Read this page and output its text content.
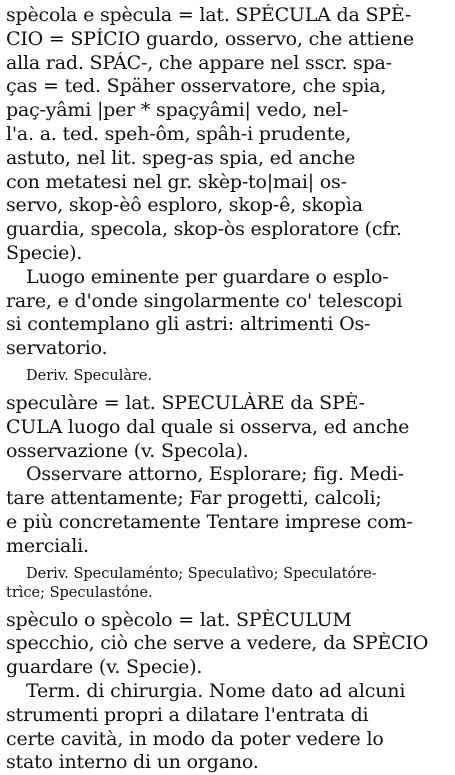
spècola e spècula = lat. SPÉCULA da SPÈ-
CIO = SPÍCIO guardo, osservo, che attiene
alla rad. SPÁC-, che appare nel sscr. spa-
ças = ted. Späher osservatore, che spia,
paç-yâmi |per * spaçyâmi| vedo, nel-
l'a. a. ted. speh-ôm, spâh-i prudente,
astuto, nel lit. speg-as spia, ed anche
con metatesi nel gr. skèp-to|mai| os-
servo, skop-èô esploro, skop-ê, skopìa
guardia, specola, skop-òs esploratore (cfr.
Specie).
Luogo eminente per guardare o esplo-
rare, e d'onde singolarmente co' telescopi
si contemplano gli astri: altrimenti Os-
servatorio.
Deriv. Speculàre.
speculàre = lat. SPECULÀRE da SPÈ-
CULA luogo dal quale si osserva, ed anche
osservazione (v. Specola).
Osservare attorno, Esplorare; fig. Medi-
tare attentamente; Far progetti, calcoli;
e più concretamente Tentare imprese com-
merciali.
Deriv. Speculaménto; Speculatìvo; Speculatóre-
trìce; Speculastóne.
spèculo o spècolo = lat. SPÈCULUM
specchio, ciò che serve a vedere, da SPÈCIO
guardare (v. Specie).
Term. di chirurgia. Nome dato ad alcuni
strumenti propri a dilatare l'entrata di
certe cavità, in modo da poter vedere lo
stato interno di un organo.
